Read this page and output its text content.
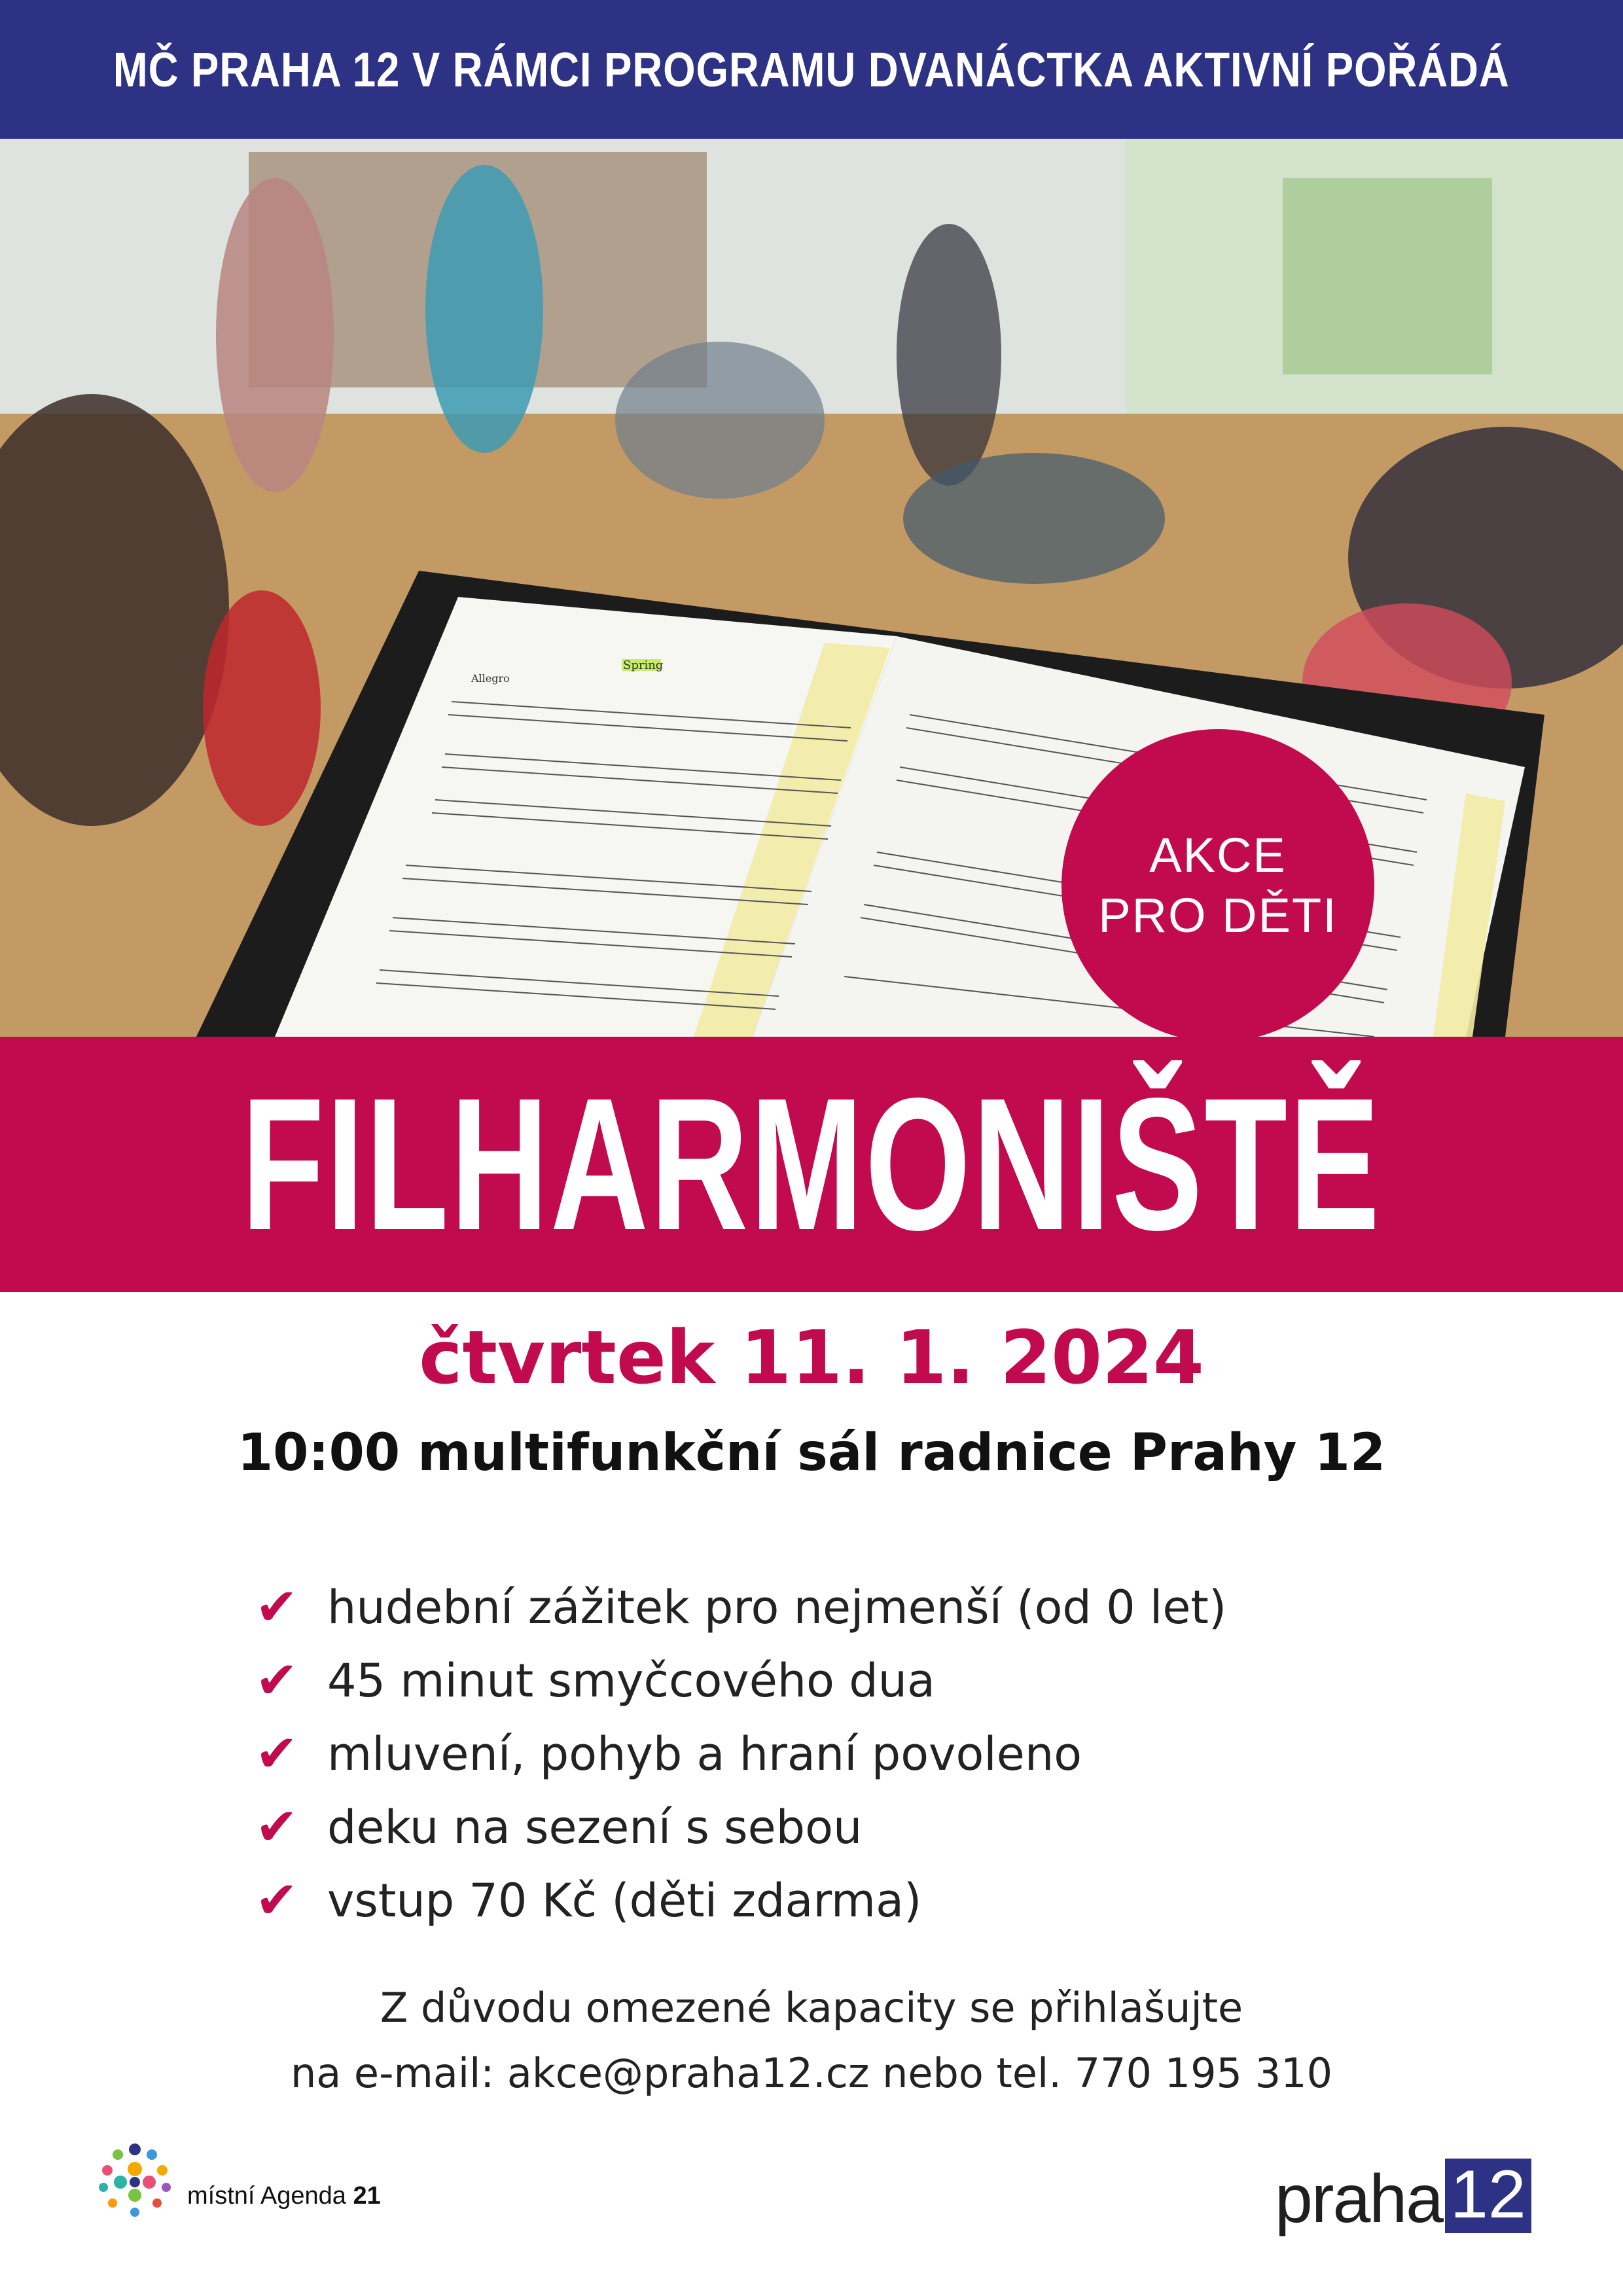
MČ PRAHA 12 V RÁMCI PROGRAMU DVANÁCTKA AKTIVNÍ POŘÁDÁ
Spring
Allegro
AKCE
PRO DĚTI
FILHARMONIŠTĚ
čtvrtek 11. 1. 2024
10:00 multifunkční sál radnice Prahy 12
✔ hudební zážitek pro nejmenší (od 0 let)
✔ 45 minut smyčcového dua
✔ mluvení, pohyb a hraní povoleno
✔ deku na sezení s sebou
✔ vstup 70 Kč (děti zdarma)
Z důvodu omezené kapacity se přihlašujte
na e-mail: akce@praha12.cz nebo tel. 770 195 310
místní Agenda 21	praha 12
